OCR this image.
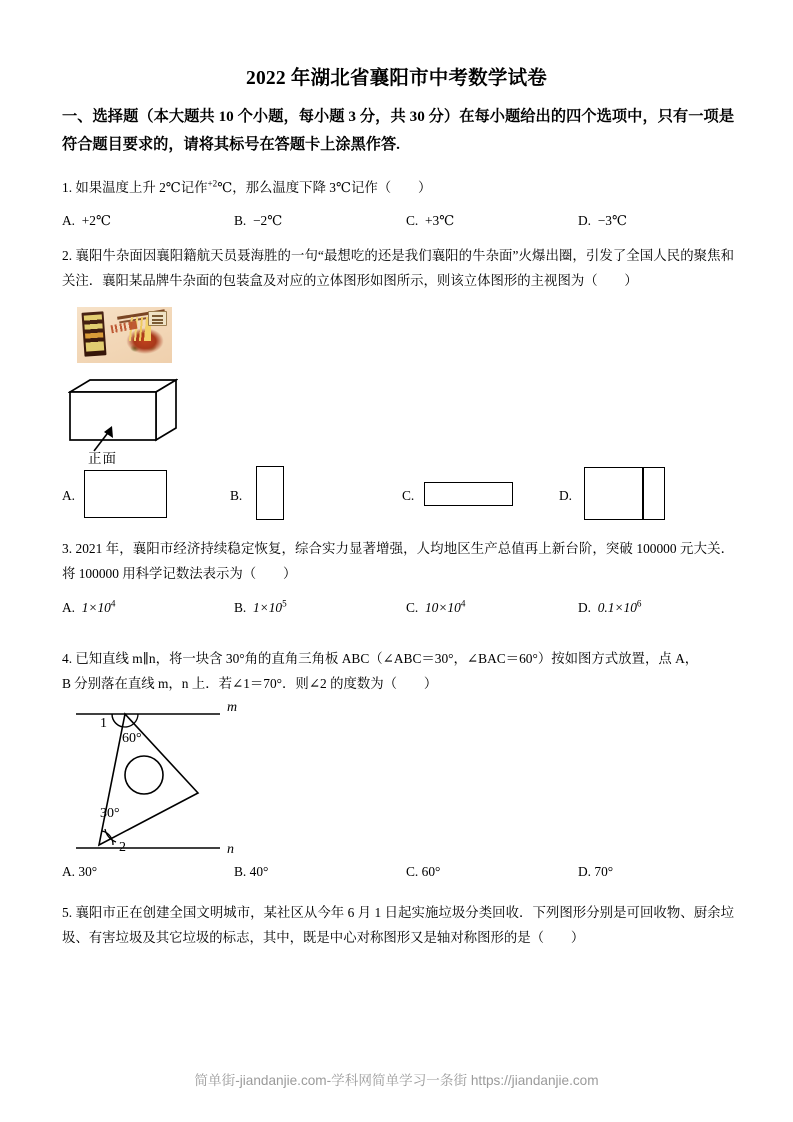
2022 年湖北省襄阳市中考数学试卷
一、选择题（本大题共 10 个小题，每小题 3 分，共 30 分）在每小题给出的四个选项中，只有一项是符合题目要求的，请将其标号在答题卡上涂黑作答.
1. 如果温度上升 2℃记作$^{+2}$℃，那么温度下降 3℃记作（　　）
A. +2℃	B. −2℃	C. +3℃	D. −3℃
2. 襄阳牛杂面因襄阳籍航天员聂海胜的一句“最想吃的还是我们襄阳的牛杂面”火爆出圈，引发了全国人民的聚焦和关注．襄阳某品牌牛杂面的包装盒及对应的立体图形如图所示，则该立体图形的主视图为（　　）
正面
A.	B.	C.	D.
3. 2021 年，襄阳市经济持续稳定恢复，综合实力显著增强，人均地区生产总值再上新台阶，突破 100000 元大关．将 100000 用科学记数法表示为（　　）
A. $1\times 10^4$	B. $1\times 10^5$	C. $10\times 10^4$	D. $0.1\times 10^6$
4. 已知直线 m∥n，将一块含 30°角的直角三角板 ABC（∠ABC＝30°，∠BAC＝60°）按如图方式放置，点 A，
B 分别落在直线 m，n 上．若∠1＝70°．则∠2 的度数为（　　）
m
n
1
60°
30°
2
A. 30°	B. 40°	C. 60°	D. 70°
5. 襄阳市正在创建全国文明城市，某社区从今年 6 月 1 日起实施垃圾分类回收．下列图形分别是可回收物、厨余垃圾、有害垃圾及其它垃圾的标志，其中，既是中心对称图形又是轴对称图形的是（　　）
简单街-jiandanjie.com-学科网简单学习一条街 https://jiandanjie.com
